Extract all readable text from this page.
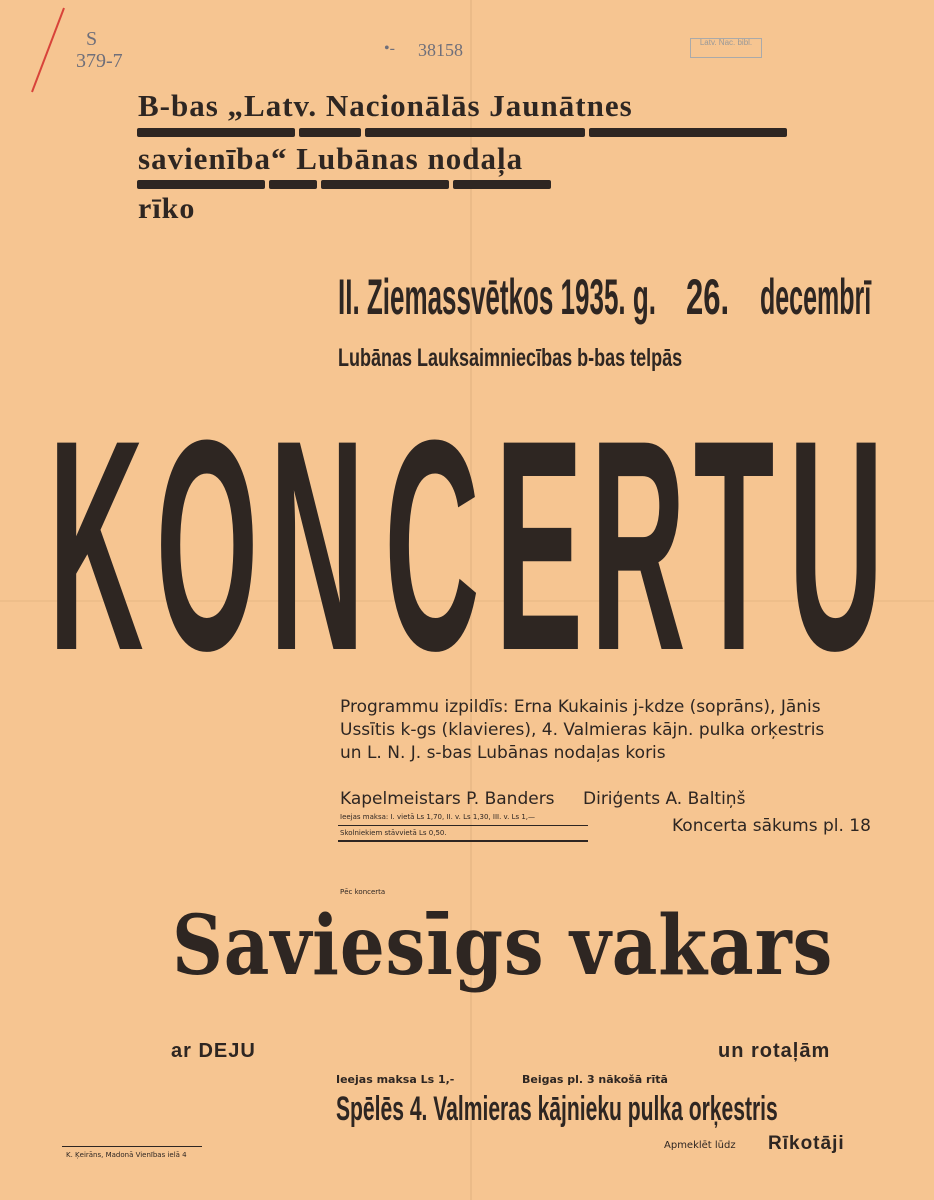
S
379-7	38158
•-	Latv. Nac. bibl.
B-bas „Latv. Nacionālās Jaunātnes
savienība“ Lubānas nodaļa
rīko
II. Ziemassvētkos 1935. g. 26. decembrī
Lubānas Lauksaimniecības b-bas telpās
K O N C E R T U
Programmu izpildīs: Erna Kukainis j-kdze (soprāns), Jānis
Ussītis k-gs (klavieres), 4. Valmieras kājn. pulka orķestris
un L. N. J. s-bas Lubānas nodaļas koris
Kapelmeistars P. Banders Diriģents A. Baltiņš
Ieejas maksa: I. vietā Ls 1,70, II. v. Ls 1,30, III. v. Ls 1,—
Skolniekiem stāvvietā Ls 0,50.	Koncerta sākums pl. 18
Pēc koncerta
Saviesīgs vakars
ar DEJU	un rotaļām
Ieejas maksa Ls 1,-	Beigas pl. 3 nākošā rītā
Spēlēs 4. Valmieras kājnieku pulka orķestris
Apmeklēt lūdz Rīkotāji
K. Ķeirāns, Madonā Vienības ielā 4
